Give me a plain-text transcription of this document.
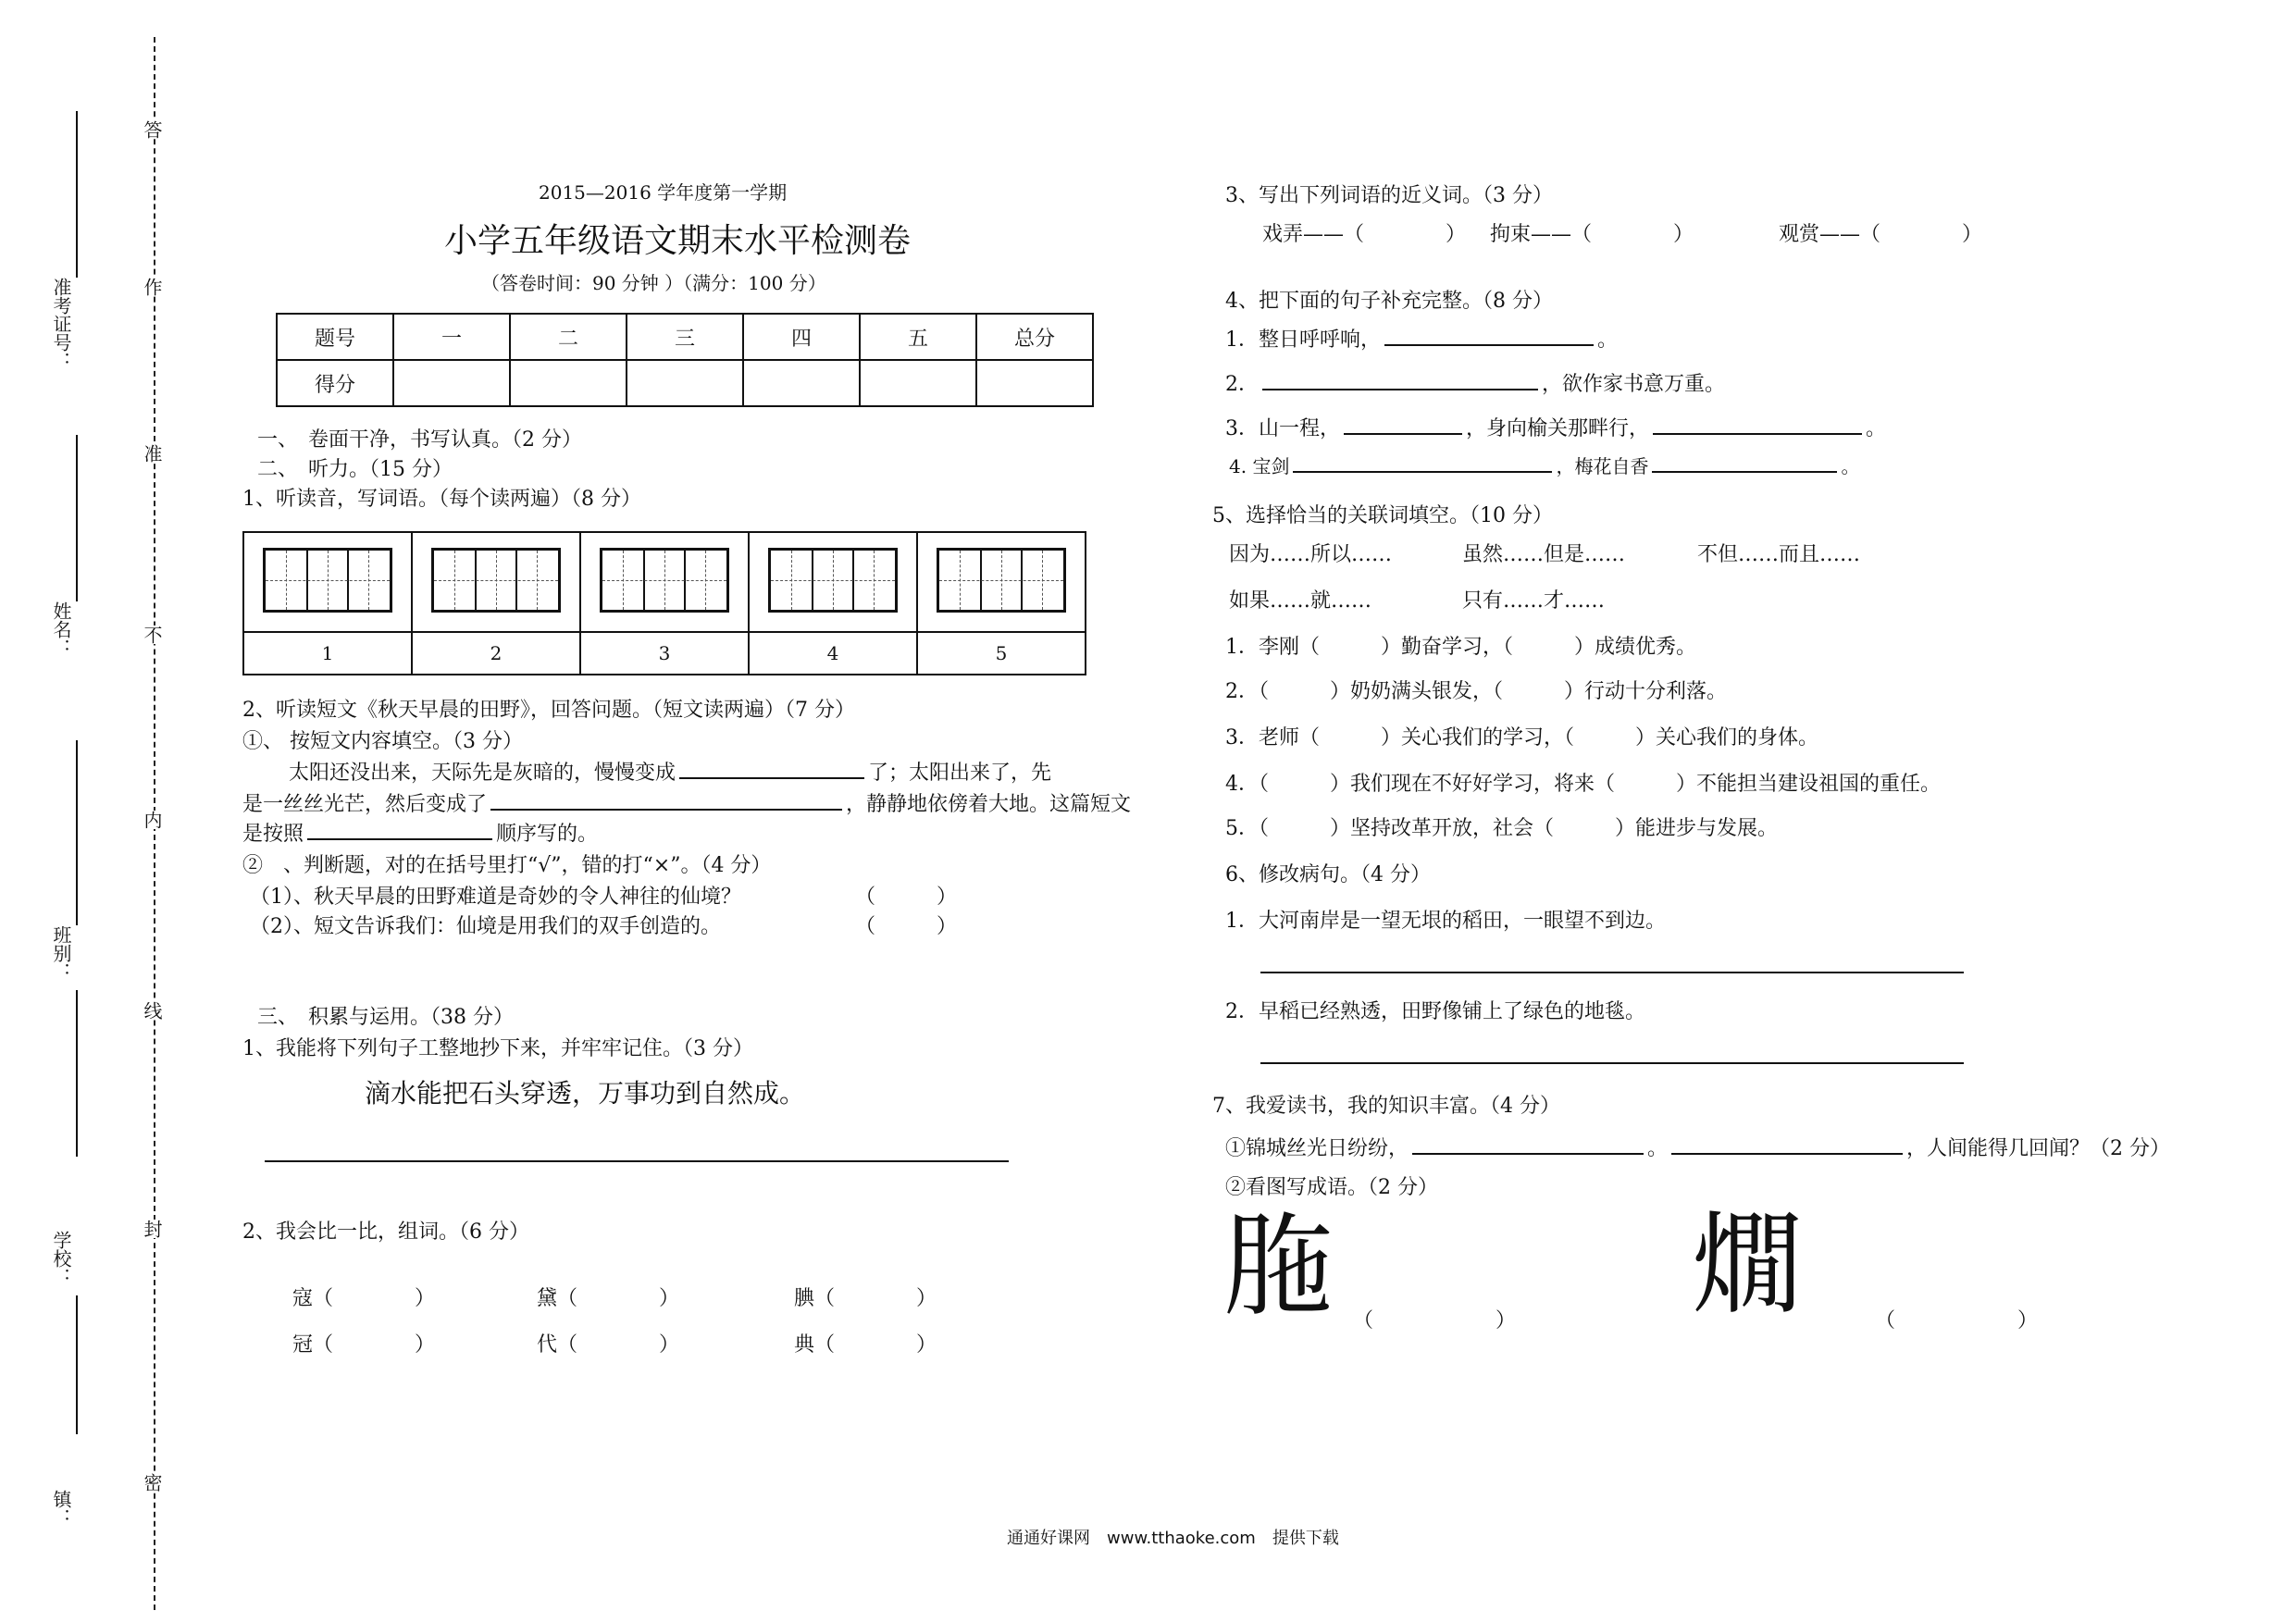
准考证号：
姓名：
班别：
学校：
镇：
答
作
准
不
内
线
封
密
2015—2016 学年度第一学期
小学五年级语文期末水平检测卷
（答卷时间：90 分钟 ）（满分：100 分）
题号	一	二	三	四	五	总分
得分						
一、　卷面干净，书写认真。（2 分）
二、　听力。（15 分）
1、听读音，写词语。（每个读两遍）（8 分）

1	2	3	4	5
2、听读短文《秋天早晨的田野》，回答问题。（短文读两遍）（7 分）
①、 按短文内容填空。（3 分）
太阳还没出来，天际先是灰暗的，慢慢变成	了；太阳出来了，先
是一丝丝光芒，然后变成了	，静静地依傍着大地。这篇短文
是按照	顺序写的。
②　、判断题，对的在括号里打“√”，错的打“×”。（4 分）
（1）、秋天早晨的田野难道是奇妙的令人神往的仙境？	（　　　）
（2）、短文告诉我们：仙境是用我们的双手创造的。	（　　　）
三、　积累与运用。（38 分）
1、我能将下列句子工整地抄下来，并牢牢记住。（3 分）
滴水能把石头穿透，万事功到自然成。
2、我会比一比，组词。（6 分）
寇（　　　　）	黛（　　　　）	腆（　　　　）
冠（　　　　）	代（　　　　）	典（　　　　）
3、写出下列词语的近义词。（3 分）
戏弄——（　　　　） 拘束——（　　　　）	观赏——（　　　　）
4、把下面的句子补充完整。（8 分）
1．整日呼呼响，	。
2．	，欲作家书意万重。
3．山一程，	，身向榆关那畔行，	。
4. 宝剑	，梅花自香	。
5、选择恰当的关联词填空。（10 分）
因为……所以……	虽然……但是……	不但……而且……
如果……就……	只有……才……
1．李刚（　　　）勤奋学习，（　　　）成绩优秀。
2．（　　　）奶奶满头银发，（　　　）行动十分利落。
3．老师（　　　）关心我们的学习，（　　　）关心我们的身体。
4．（　　　）我们现在不好好学习，将来（　　　）不能担当建设祖国的重任。
5．（　　　）坚持改革开放，社会（　　　）能进步与发展。
6、修改病句。（4 分）
1．大河南岸是一望无垠的稻田，一眼望不到边。
2．早稻已经熟透，田野像铺上了绿色的地毯。
7、我爱读书，我的知识丰富。（4 分）
①锦城丝光日纷纷，	。	，人间能得几回闻？（2 分）
②看图写成语。（2 分）
胣 （　　　　　　） 燗	（　　　　　　）
通通好课网　www.tthaoke.com　提供下载
